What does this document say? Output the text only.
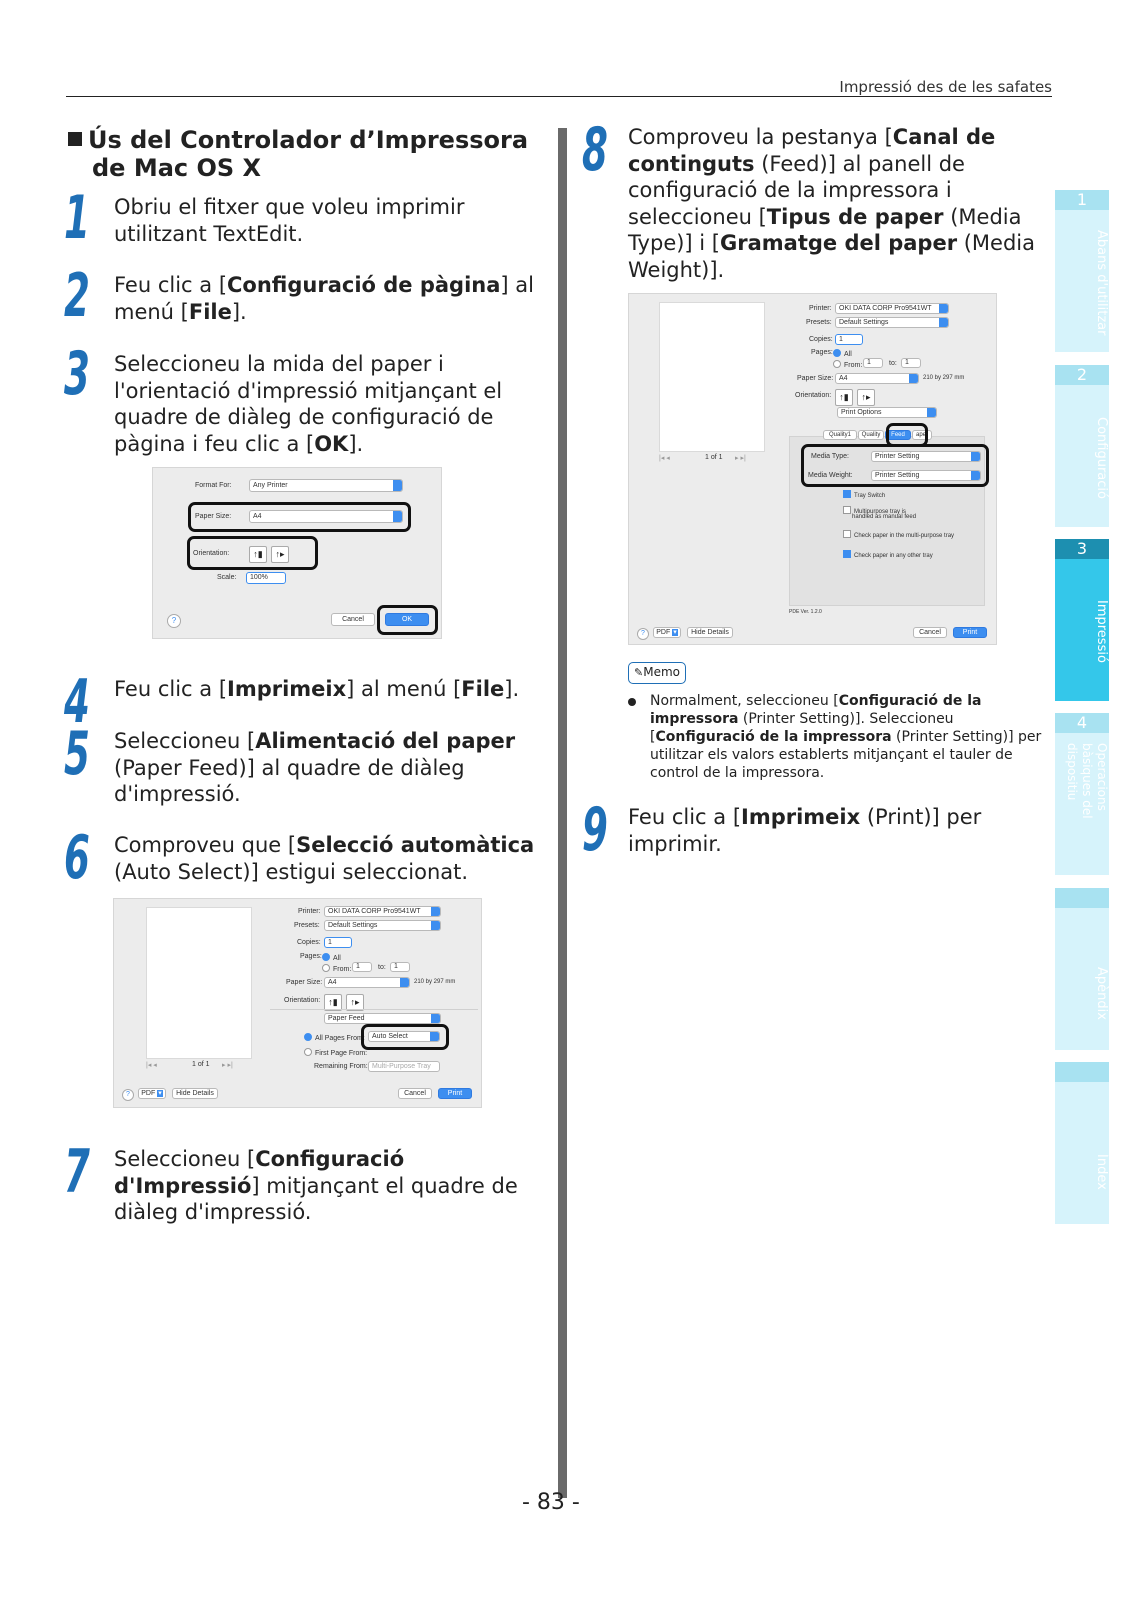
Impressió des de les safates
Ús del Controlador d’Impressora
de Mac OS X
1 Obriu el fitxer que voleu imprimir utilitzant TextEdit.
2 Feu clic a [Configuració de pàgina] al menú [File].
3 Seleccioneu la mida del paper i l'orientació d'impressió mitjançant el quadre de diàleg de configuració de pàgina i feu clic a [OK].
Format For:	Any Printer
Paper Size:	A4
Orientation:	↑▮ ↑▸
Scale:	100%
?	Cancel	OK
4 Feu clic a [Imprimeix] al menú [File].
5 Seleccioneu [Alimentació del paper (Paper Feed)] al quadre de diàleg d'impressió.
6 Comproveu que [Selecció automàtica (Auto Select)] estigui seleccionat.
|◂ ◂	1 of 1 ▸ ▸|
Printer:	OKI DATA CORP Pro9541WT
Presets:	Default Settings
Copies:	1
Pages:	All
From: 1	to:	1
Paper Size: A4	210 by 297 mm
Orientation: ↑▮ ↑▸
Paper Feed
All Pages From:	Auto Select
First Page From:
Remaining From: Multi-Purpose Tray
?	PDF ▾	Hide Details	Cancel	Print
7 Seleccioneu [Configuració d'Impressió] mitjançant el quadre de diàleg d'impressió.
8 Comproveu la pestanya [Canal de continguts (Feed)] al panell de configuració de la impressora i seleccioneu [Tipus de paper (Media Type)] i [Gramatge del paper (Media Weight)].
|◂ ◂	1 of 1 ▸ ▸|
Printer:	OKI DATA CORP Pro9541WT
Presets:	Default Settings
Copies: 1
Pages:	All
From: 1	to:	1
Paper Size: A4	210 by 297 mm
Orientation: ↑▮ ↑▸
Print Options
Quality1	Quality	Feed	aper
Media Type:	Printer Setting
Media Weight:	Printer Setting
Tray Switch
Multipurpose tray is
handled as manual feed
Check paper in the multi-purpose tray
Check paper in any other tray
PDE Ver. 1.2.0
?	PDF ▾	Hide Details	Cancel	Print
✎Memo
Normalment, seleccioneu [Configuració de la impressora (Printer Setting)]. Seleccioneu [Configuració de la impressora (Printer Setting)] per utilitzar els valors establerts mitjançant el tauler de control de la impressora.
9 Feu clic a [Imprimeix (Print)] per imprimir.
1
Abans d'utilitzar
2
Configuració
3
Impressió
4
Operacions bàsiques del dispositiu
Apèndix
Índex
- 83 -
